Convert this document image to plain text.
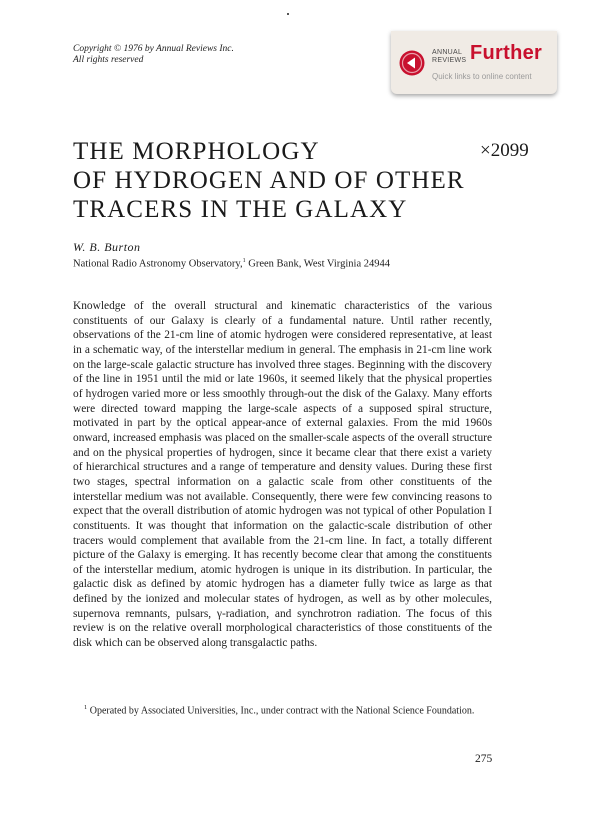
Copyright © 1976 by Annual Reviews Inc.
All rights reserved
ANNUAL
REVIEWS Further
Quick links to online content
THE MORPHOLOGY
OF HYDROGEN AND OF OTHER
TRACERS IN THE GALAXY
×2099
W. B. Burton
National Radio Astronomy Observatory,$^1$ Green Bank, West Virginia 24944

Knowledge of the overall structural and kinematic characteristics of the various constituents of our Galaxy is clearly of a fundamental nature. Until rather recently, observations of the 21-cm line of atomic hydrogen were considered representative, at least in a schematic way, of the interstellar medium in general. The emphasis in 21-cm line work on the large-scale galactic structure has involved three stages. Beginning with the discovery of the line in 1951 until the mid or late 1960s, it seemed likely that the physical properties of hydrogen varied more or less smoothly through-out the disk of the Galaxy. Many efforts were directed toward mapping the large-scale aspects of a supposed spiral structure, motivated in part by the optical appear-ance of external galaxies. From the mid 1960s onward, increased emphasis was placed on the smaller-scale aspects of the overall structure and on the physical properties of hydrogen, since it became clear that there exist a variety of hierarchical structures and a range of temperature and density values. During these first two stages, spectral information on a galactic scale from other constituents of the interstellar medium was not available. Consequently, there were few convincing reasons to expect that the overall distribution of atomic hydrogen was not typical of other Population I constituents. It was thought that information on the galactic-scale distribution of other tracers would complement that available from the 21-cm line. In fact, a totally different picture of the Galaxy is emerging. It has recently become clear that among the constituents of the interstellar medium, atomic hydrogen is unique in its distribution. In particular, the galactic disk as defined by atomic hydrogen has a diameter fully twice as large as that defined by the ionized and molecular states of hydrogen, as well as by other molecules, supernova remnants, pulsars, γ-radiation, and synchrotron radiation. The focus of this review is on the relative overall morphological characteristics of those constituents of the disk which can be observed along transgalactic paths.

$^1$ Operated by Associated Universities, Inc., under contract with the National Science Foundation.

275
